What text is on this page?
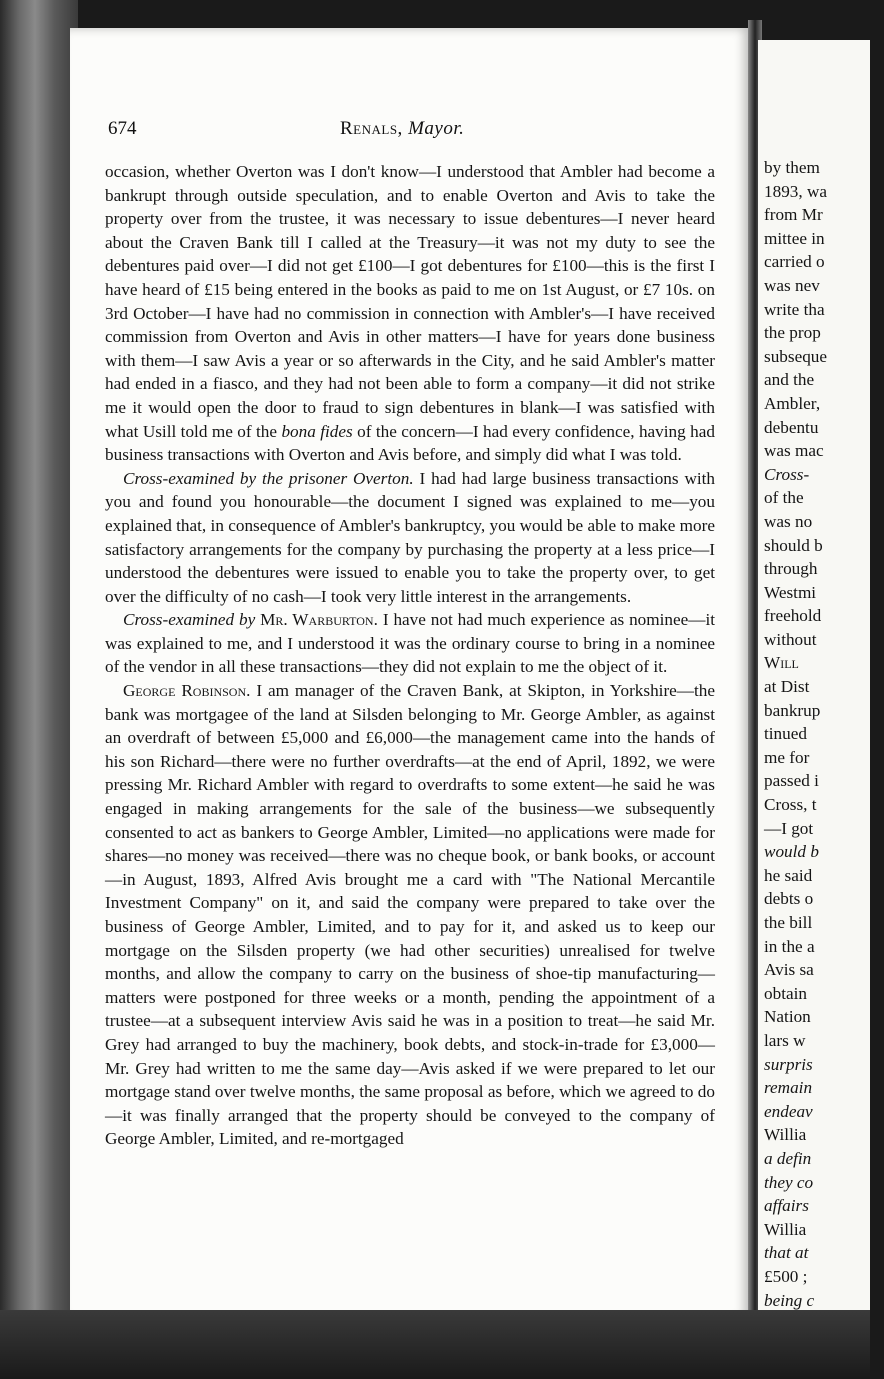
by them
1893, wa
from Mr
mittee in
carried o
was nev
write tha
the prop
subseque
and the
Ambler,
debentu
was mac
Cross-
of the
was no
should b
through
Westmi
freehold
without
Will
at Dist
bankrup
tinued
me for
passed i
Cross, t
—I got
would b
he said
debts o
the bill
in the a
Avis sa
obtain
Nation
lars w
surpris
remain
endeav
Willia
a defin
they co
affairs
Willia
that at
£500 ;
being c
674	Renals, Mayor.

occasion, whether Overton was I don't know—I understood that Ambler had become a bankrupt through outside speculation, and to enable Overton and Avis to take the property over from the trustee, it was necessary to issue debentures—I never heard about the Craven Bank till I called at the Treasury—it was not my duty to see the debentures paid over—I did not get £100—I got debentures for £100—this is the first I have heard of £15 being entered in the books as paid to me on 1st August, or £7 10s. on 3rd October—I have had no commission in connection with Ambler's—I have received commission from Overton and Avis in other matters—I have for years done business with them—I saw Avis a year or so afterwards in the City, and he said Ambler's matter had ended in a fiasco, and they had not been able to form a company—it did not strike me it would open the door to fraud to sign debentures in blank—I was satisfied with what Usill told me of the bona fides of the concern—I had every confidence, having had business transactions with Overton and Avis before, and simply did what I was told.

Cross-examined by the prisoner Overton. I had had large business transactions with you and found you honourable—the document I signed was explained to me—you explained that, in consequence of Ambler's bankruptcy, you would be able to make more satisfactory arrangements for the company by purchasing the property at a less price—I understood the debentures were issued to enable you to take the property over, to get over the difficulty of no cash—I took very little interest in the arrangements.

Cross-examined by Mr. Warburton. I have not had much experience as nominee—it was explained to me, and I understood it was the ordinary course to bring in a nominee of the vendor in all these transactions—they did not explain to me the object of it.

George Robinson. I am manager of the Craven Bank, at Skipton, in Yorkshire—the bank was mortgagee of the land at Silsden belonging to Mr. George Ambler, as against an overdraft of between £5,000 and £6,000—the management came into the hands of his son Richard—there were no further overdrafts—at the end of April, 1892, we were pressing Mr. Richard Ambler with regard to overdrafts to some extent—he said he was engaged in making arrangements for the sale of the business—we subsequently consented to act as bankers to George Ambler, Limited—no applications were made for shares—no money was received—there was no cheque book, or bank books, or account—in August, 1893, Alfred Avis brought me a card with "The National Mercantile Investment Company" on it, and said the company were prepared to take over the business of George Ambler, Limited, and to pay for it, and asked us to keep our mortgage on the Silsden property (we had other securities) unrealised for twelve months, and allow the company to carry on the business of shoe-tip manufacturing—matters were postponed for three weeks or a month, pending the appointment of a trustee—at a subsequent interview Avis said he was in a position to treat—he said Mr. Grey had arranged to buy the machinery, book debts, and stock-in-trade for £3,000—Mr. Grey had written to me the same day—Avis asked if we were prepared to let our mortgage stand over twelve months, the same proposal as before, which we agreed to do—it was finally arranged that the property should be conveyed to the company of George Ambler, Limited, and re-mortgaged
